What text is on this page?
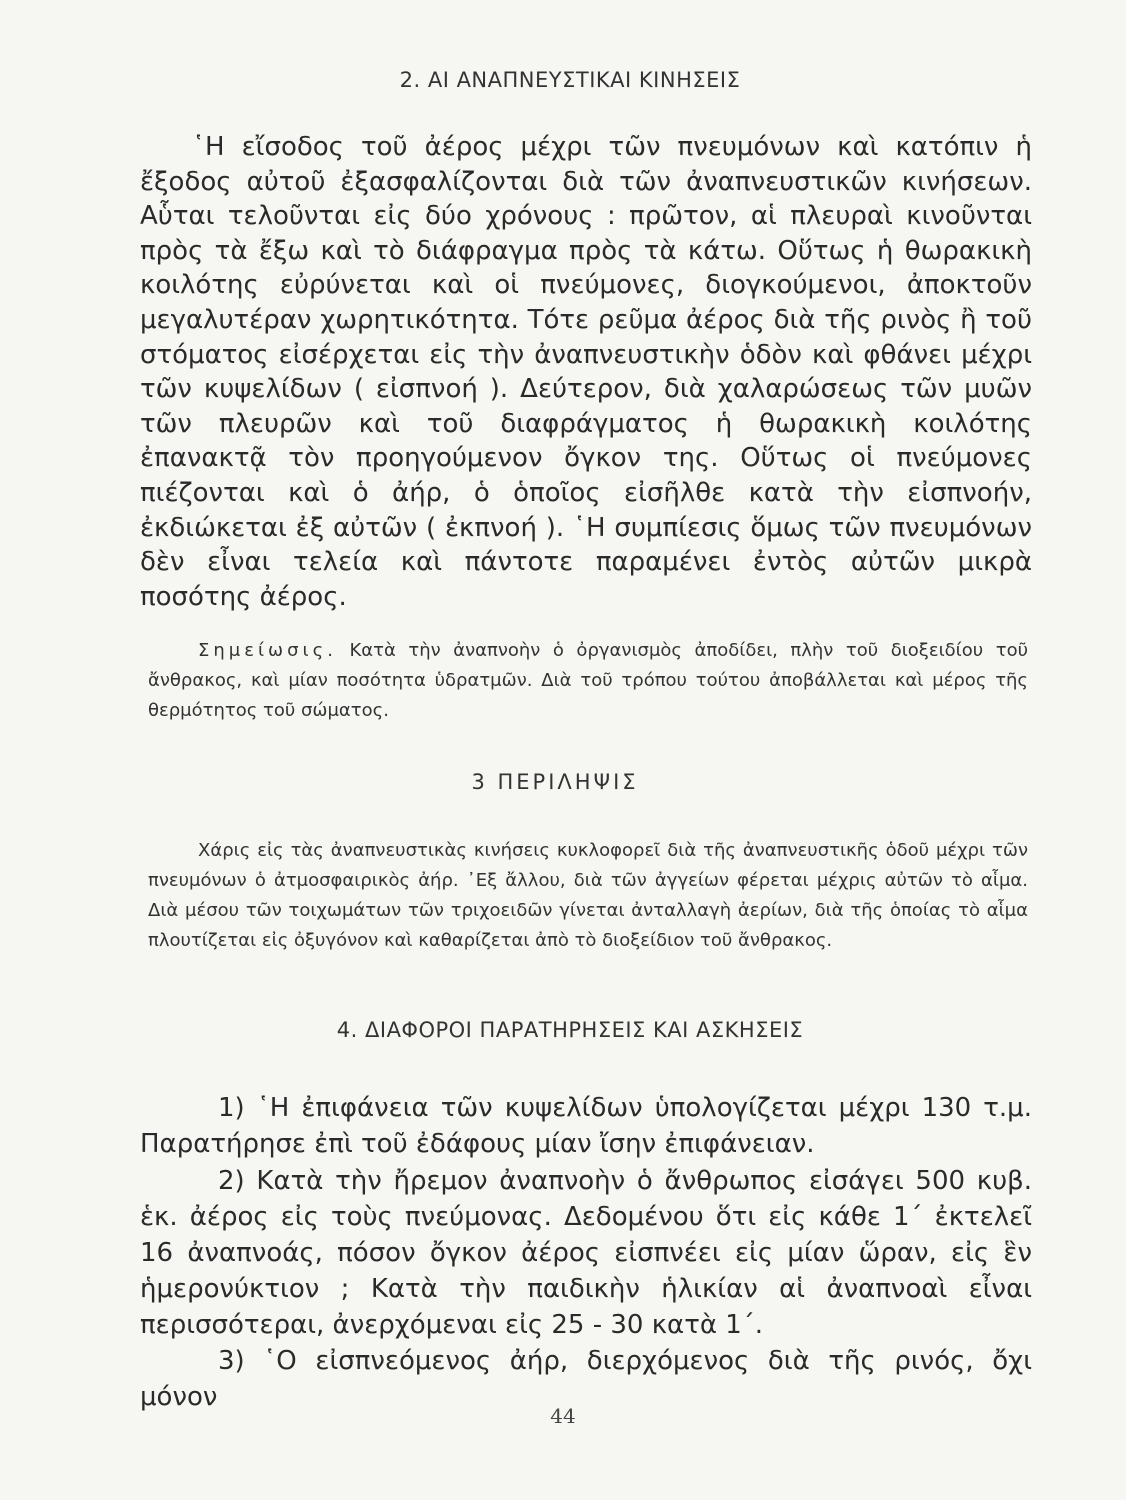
2. ΑΙ ΑΝΑΠΝΕΥΣΤΙΚΑΙ ΚΙΝΗΣΕΙΣ

῾Η εἴσοδος τοῦ ἀέρος μέχρι τῶν πνευμόνων καὶ κατόπιν ἡ ἔξοδος αὐτοῦ ἐξασφαλίζονται διὰ τῶν ἀναπνευστικῶν κινήσεων. Αὗται τελοῦνται εἰς δύο χρόνους : πρῶτον, αἱ πλευραὶ κινοῦνται πρὸς τὰ ἔξω καὶ τὸ διάφραγμα πρὸς τὰ κάτω. Οὕτως ἡ θωρακικὴ κοιλότης εὐρύνεται καὶ οἱ πνεύμονες, διογκούμενοι, ἀποκτοῦν μεγαλυτέραν χωρητικότητα. Τότε ρεῦμα ἀέρος διὰ τῆς ρινὸς ἢ τοῦ στόματος εἰσέρχεται εἰς τὴν ἀναπνευστικὴν ὁδὸν καὶ φθάνει μέχρι τῶν κυψελίδων ( εἰσπνοή ). Δεύτερον, διὰ χαλαρώσεως τῶν μυῶν τῶν πλευρῶν καὶ τοῦ διαφράγματος ἡ θωρακικὴ κοιλότης ἐπανακτᾷ τὸν προηγούμενον ὄγκον της. Οὕτως οἱ πνεύμονες πιέζονται καὶ ὁ ἀήρ, ὁ ὁποῖος εἰσῆλθε κατὰ τὴν εἰσπνοήν, ἐκδιώκεται ἐξ αὐτῶν ( ἐκπνοή ). ῾Η συμπίεσις ὅμως τῶν πνευμόνων δὲν εἶναι τελεία καὶ πάντοτε παραμένει ἐντὸς αὐτῶν μικρὰ ποσότης ἀέρος.

Σημείωσις. Κατὰ τὴν ἀναπνοὴν ὁ ὀργανισμὸς ἀποδίδει, πλὴν τοῦ διοξειδίου τοῦ ἄνθρακος, καὶ μίαν ποσότητα ὑδρατμῶν. Διὰ τοῦ τρόπου τούτου ἀποβάλλεται καὶ μέρος τῆς θερμότητος τοῦ σώματος.

3 ΠΕΡΙΛΗΨΙΣ

Χάρις εἰς τὰς ἀναπνευστικὰς κινήσεις κυκλοφορεῖ διὰ τῆς ἀναπνευστικῆς ὁδοῦ μέχρι τῶν πνευμόνων ὁ ἀτμοσφαιρικὸς ἀήρ. ᾿Εξ ἄλλου, διὰ τῶν ἀγγείων φέρεται μέχρις αὐτῶν τὸ αἷμα. Διὰ μέσου τῶν τοιχωμάτων τῶν τριχοειδῶν γίνεται ἀνταλλαγὴ ἀερίων, διὰ τῆς ὁποίας τὸ αἷμα πλουτίζεται εἰς ὀξυγόνον καὶ καθαρίζεται ἀπὸ τὸ διοξείδιον τοῦ ἄνθρακος.

4. ΔΙΑΦΟΡΟΙ ΠΑΡΑΤΗΡΗΣΕΙΣ ΚΑΙ ΑΣΚΗΣΕΙΣ

1) ῾Η ἐπιφάνεια τῶν κυψελίδων ὑπολογίζεται μέχρι 130 τ.μ. Παρατήρησε ἐπὶ τοῦ ἐδάφους μίαν ἴσην ἐπιφάνειαν.

2) Κατὰ τὴν ἤρεμον ἀναπνοὴν ὁ ἄνθρωπος εἰσάγει 500 κυβ. ἑκ. ἀέρος εἰς τοὺς πνεύμονας. Δεδομένου ὅτι εἰς κάθε 1΄ ἐκτελεῖ 16 ἀναπνοάς, πόσον ὄγκον ἀέρος εἰσπνέει εἰς μίαν ὥραν, εἰς ἓν ἡμερονύκτιον ; Κατὰ τὴν παιδικὴν ἡλικίαν αἱ ἀναπνοαὶ εἶναι περισσότεραι, ἀνερχόμεναι εἰς 25 - 30 κατὰ 1΄.

3) ῾Ο εἰσπνεόμενος ἀήρ, διερχόμενος διὰ τῆς ρινός, ὄχι μόνον

44
